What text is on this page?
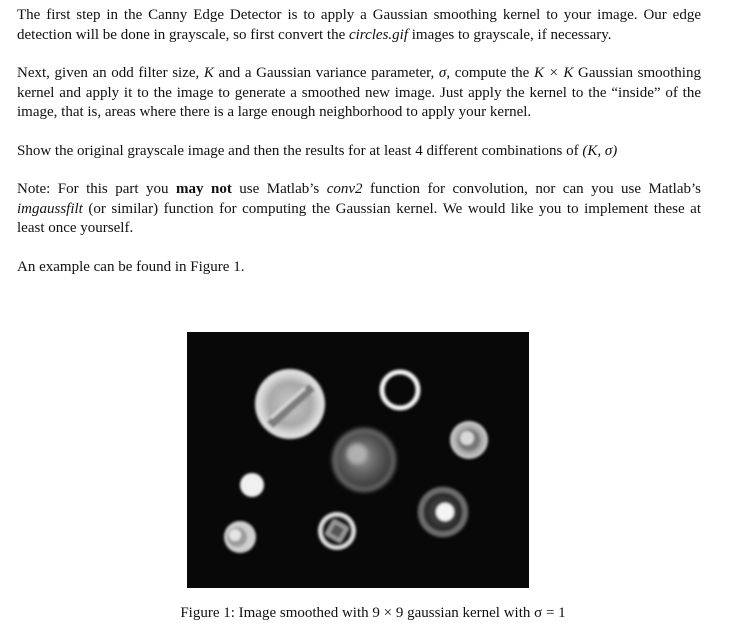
The first step in the Canny Edge Detector is to apply a Gaussian smoothing kernel to your image. Our edge detection will be done in grayscale, so first convert the circles.gif images to grayscale, if necessary.

Next, given an odd filter size, K and a Gaussian variance parameter, σ, compute the K × K Gaussian smoothing kernel and apply it to the image to generate a smoothed new image. Just apply the kernel to the “inside” of the image, that is, areas where there is a large enough neighborhood to apply your kernel.

Show the original grayscale image and then the results for at least 4 different combinations of (K, σ)

Note: For this part you may not use Matlab’s conv2 function for convolution, nor can you use Matlab’s imgaussfilt (or similar) function for computing the Gaussian kernel. We would like you to implement these at least once yourself.

An example can be found in Figure 1.

Figure 1: Image smoothed with 9 × 9 gaussian kernel with σ = 1
